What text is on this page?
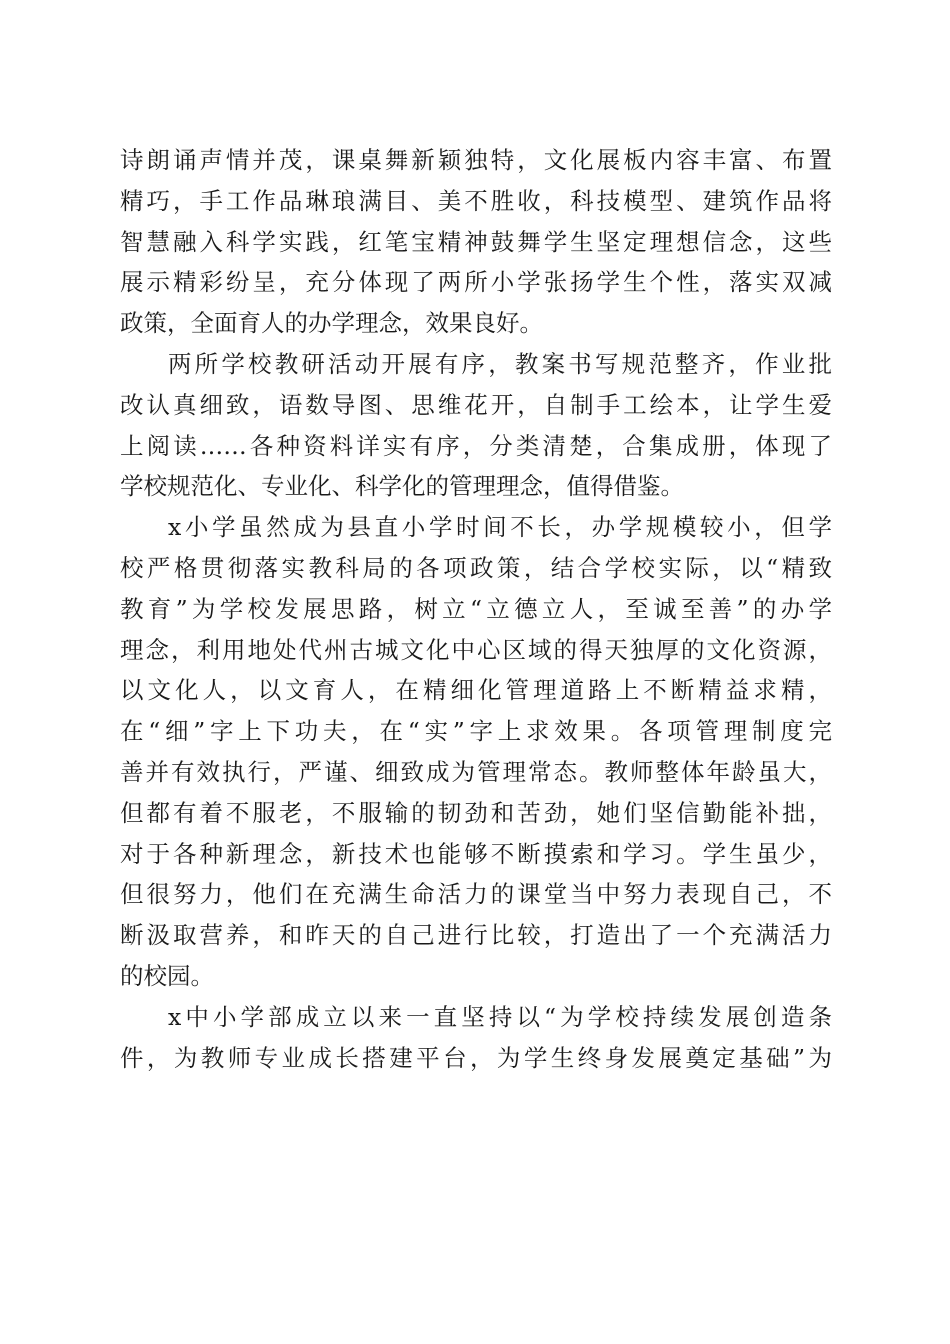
诗朗诵声情并茂，课桌舞新颖独特，文化展板内容丰富、布置
精巧，手工作品琳琅满目、美不胜收，科技模型、建筑作品将
智慧融入科学实践，红笔宝精神鼓舞学生坚定理想信念，这些
展示精彩纷呈，充分体现了两所小学张扬学生个性，落实双减
政策，全面育人的办学理念，效果良好。
两所学校教研活动开展有序，教案书写规范整齐，作业批
改认真细致，语数导图、思维花开，自制手工绘本，让学生爱
上阅读……各种资料详实有序，分类清楚，合集成册，体现了
学校规范化、专业化、科学化的管理理念，值得借鉴。
x小学虽然成为县直小学时间不长，办学规模较小，但学
校严格贯彻落实教科局的各项政策，结合学校实际，以“精致
教育”为学校发展思路，树立“立德立人，至诚至善”的办学
理念，利用地处代州古城文化中心区域的得天独厚的文化资源，
以文化人，以文育人，在精细化管理道路上不断精益求精，
在“细”字上下功夫，在“实”字上求效果。各项管理制度完
善并有效执行，严谨、细致成为管理常态。教师整体年龄虽大，
但都有着不服老，不服输的韧劲和苦劲，她们坚信勤能补拙，
对于各种新理念，新技术也能够不断摸索和学习。学生虽少，
但很努力，他们在充满生命活力的课堂当中努力表现自己，不
断汲取营养，和昨天的自己进行比较，打造出了一个充满活力
的校园。
x中小学部成立以来一直坚持以“为学校持续发展创造条
件，为教师专业成长搭建平台，为学生终身发展奠定基础”为
